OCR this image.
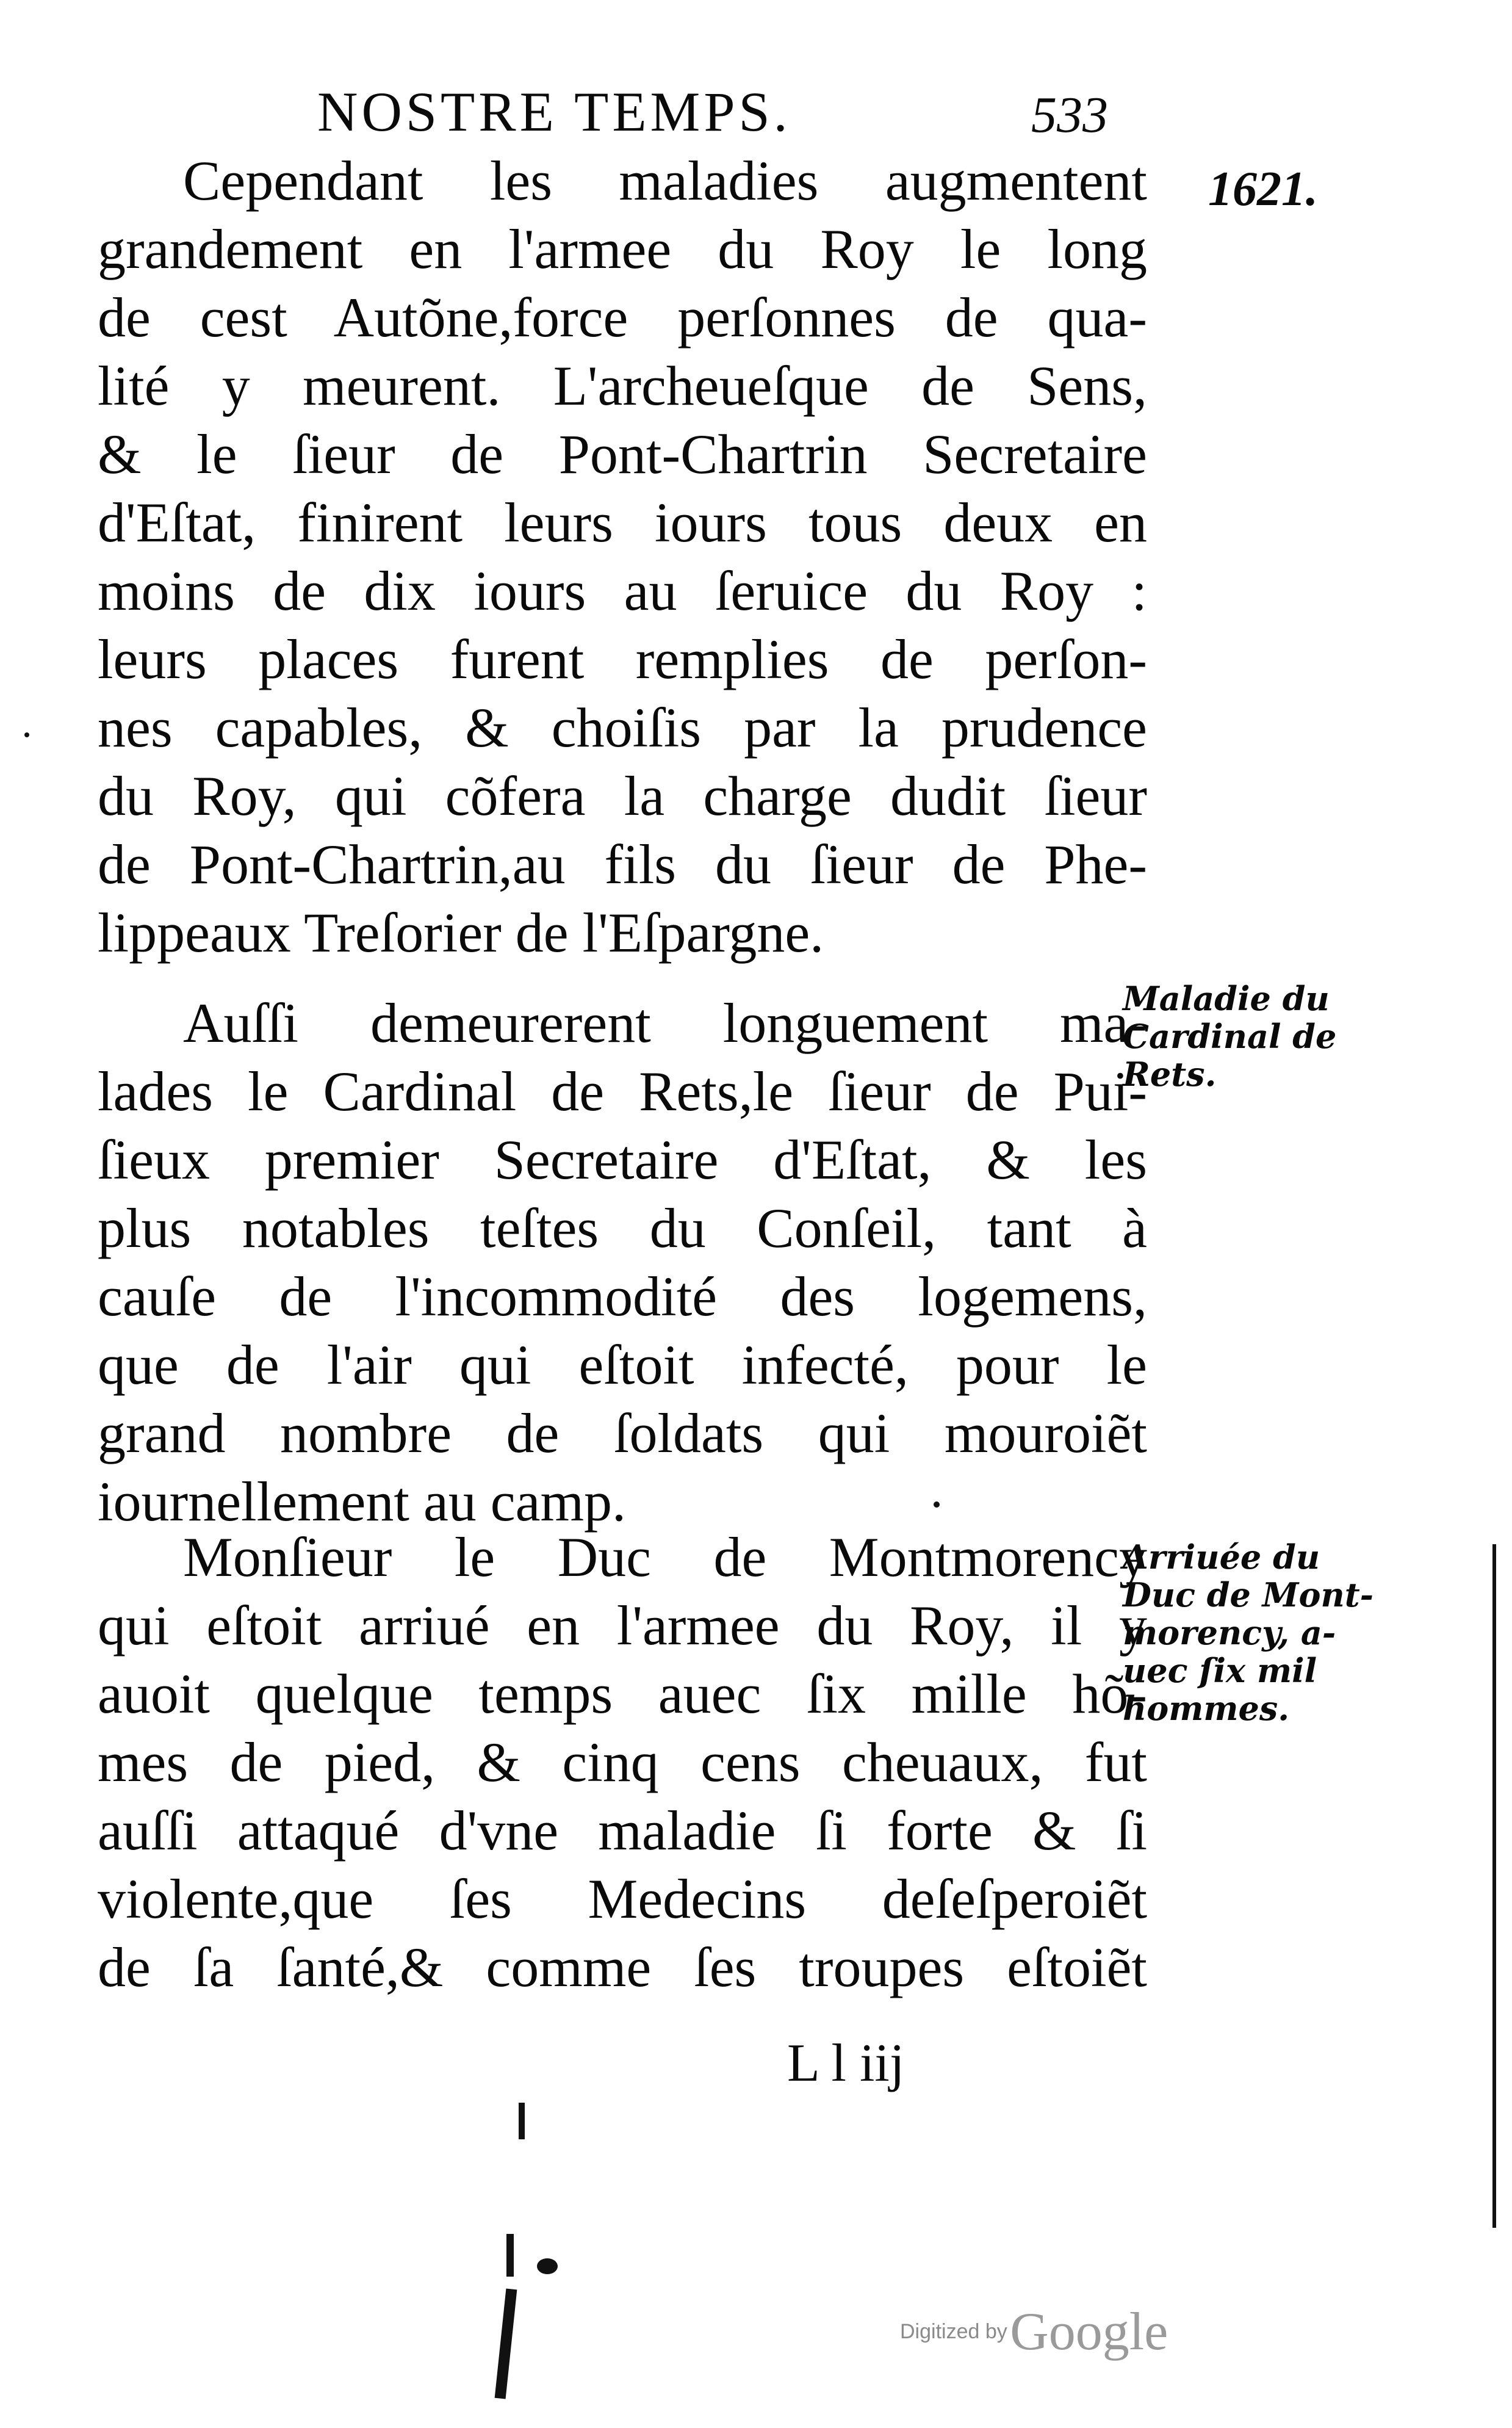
NOSTRE TEMPS.	533
1621.
Cependant les maladies augmentent
grandement en l'armee du Roy le long
de cest Autõne,force perſonnes de qua-
lité y meurent. L'archeueſque de Sens,
& le ſieur de Pont-Chartrin Secretaire
d'Eſtat, finirent leurs iours tous deux en
moins de dix iours au ſeruice du Roy :
leurs places furent remplies de perſon-
nes capables, & choiſis par la prudence
du Roy, qui cõfera la charge dudit ſieur
de Pont-Chartrin,au fils du ſieur de Phe-
lippeaux Treſorier de l'Eſpargne.
Auſſi demeurerent longuement ma-
lades le Cardinal de Rets,le ſieur de Pui-
ſieux premier Secretaire d'Eſtat, & les
plus notables teſtes du Conſeil, tant à
cauſe de l'incommodité des logemens,
que de l'air qui eſtoit infecté, pour le
grand nombre de ſoldats qui mouroiẽt
iournellement au camp.
Monſieur le Duc de Montmorency
qui eſtoit arriué en l'armee du Roy, il y
auoit quelque temps auec ſix mille hõ-
mes de pied, & cinq cens cheuaux, fut
auſſi attaqué d'vne maladie ſi forte & ſi
violente,que ſes Medecins deſeſperoiẽt
de ſa ſanté,& comme ſes troupes eſtoiẽt
Maladie du
Cardinal de
Rets.
Arriuée du
Duc de Mont-
morency, a-
uec ſix mil
hommes.
L l iij
Digitized by Google
